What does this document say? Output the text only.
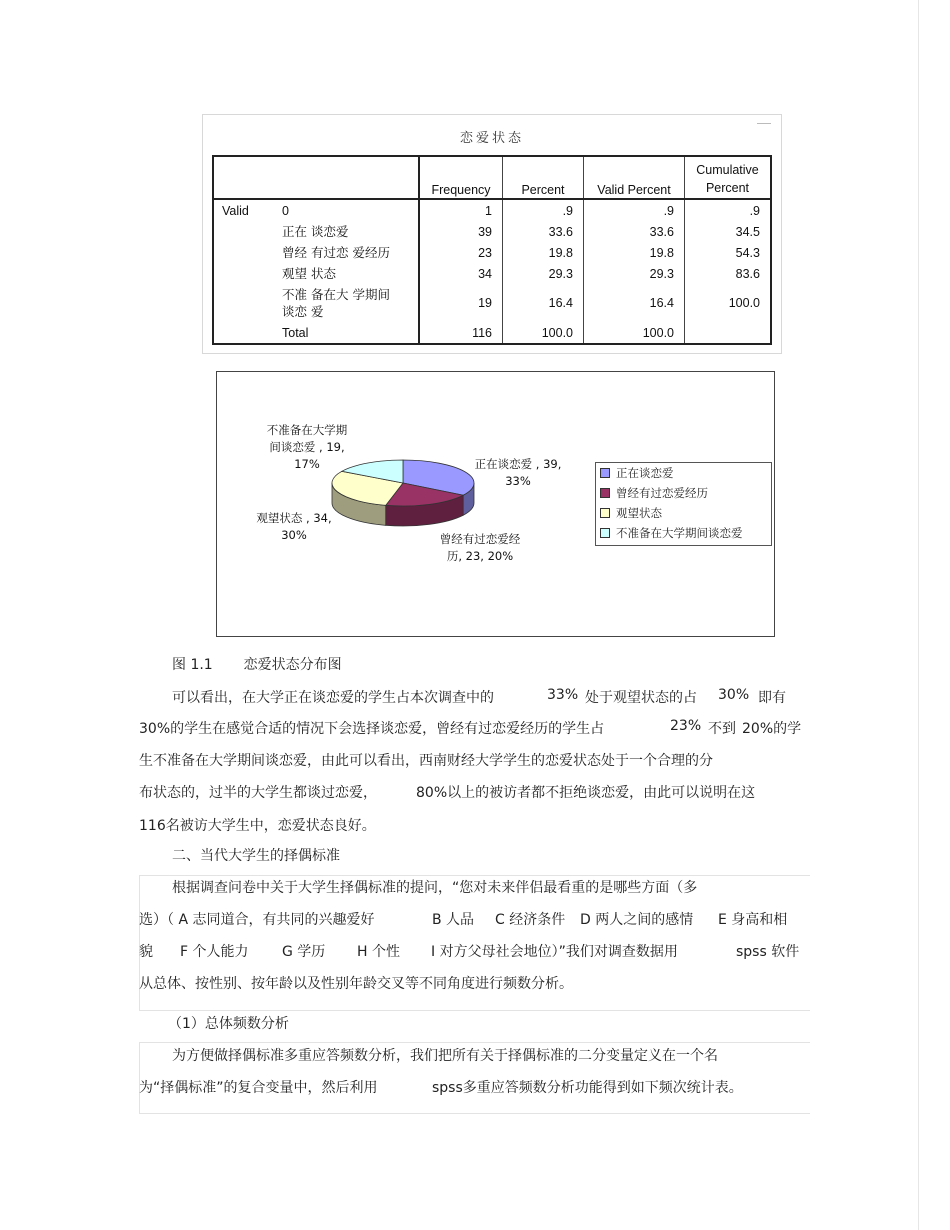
恋爱状态
		Frequency	Percent	Valid Percent	Cumulative
Percent

Valid	0	1	.9	.9	.9
	正在 谈恋爱	39	33.6	33.6	34.5
	曾经 有过恋 爱经历	23	19.8	19.8	54.3
	观望 状态	34	29.3	29.3	83.6

	不准 备在大 学期间
谈恋 爱	19	16.4	16.4	100.0
	Total	116	100.0	100.0	
不准备在大学期
间谈恋爱 , 19,
17%	正在谈恋爱 , 39,
33%
观望状态 , 34,
30%	曾经有过恋爱经
历, 23, 20%
正在谈恋爱
曾经有过恋爱经历
观望状态
不准备在大学期间谈恋爱
图 1.1 恋爱状态分布图
可以看出，在大学正在谈恋爱的学生占本次调查中的	33% 处于观望状态的占 30% 即有
30%的学生在感觉合适的情况下会选择谈恋爱，曾经有过恋爱经历的学生占	23% 不到 20%的学
生不准备在大学期间谈恋爱，由此可以看出，西南财经大学学生的恋爱状态处于一个合理的分
布状态的，过半的大学生都谈过恋爱，	80%以上的被访者都不拒绝谈恋爱，由此可以说明在这
116名被访大学生中，恋爱状态良好。
二、当代大学生的择偶标准
根据调查问卷中关于大学生择偶标准的提问，“您对未来伴侣最看重的是哪些方面（多
选）（ A 志同道合，有共同的兴趣爱好	B 人品 C 经济条件 D 两人之间的感情 E 身高和相
貌 F 个人能力 G 学历 H 个性 I 对方父母社会地位）”我们对调查数据用	spss 软件
从总体、按性别、按年龄以及性别年龄交叉等不同角度进行频数分析。
（1）总体频数分析
为方便做择偶标准多重应答频数分析，我们把所有关于择偶标准的二分变量定义在一个名
为“择偶标准”的复合变量中，然后利用	spss多重应答频数分析功能得到如下频次统计表。
